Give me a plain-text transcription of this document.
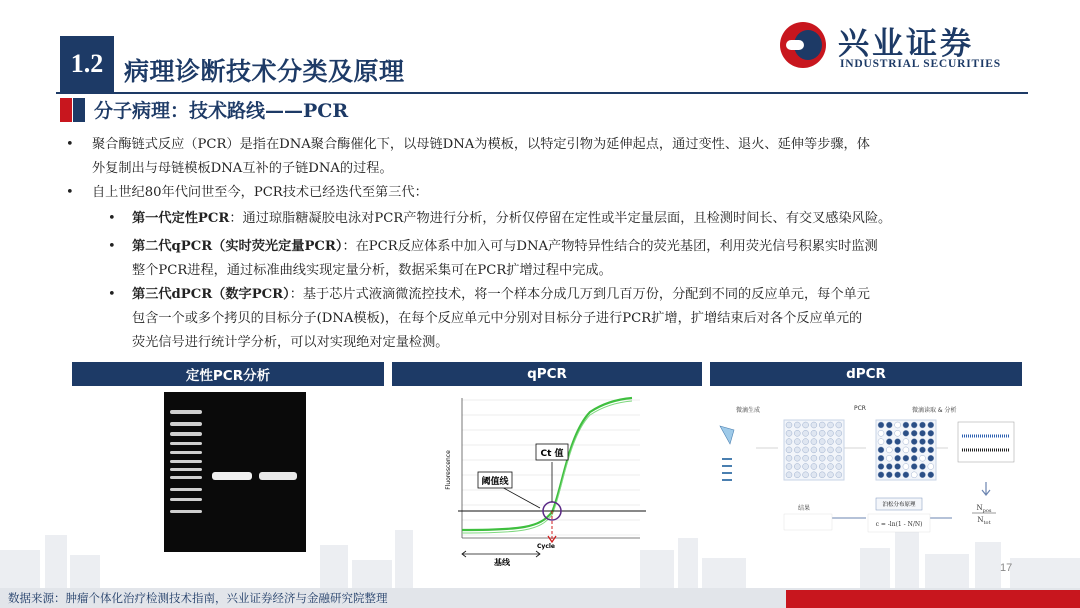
1.2 病理诊断技术分类及原理
兴业证券
INDUSTRIAL SECURITIES
分子病理：技术路线——PCR
• 聚合酶链式反应（PCR）是指在DNA聚合酶催化下，以母链DNA为模板，以特定引物为延伸起点，通过变性、退火、延伸等步骤，体
外复制出与母链模板DNA互补的子链DNA的过程。
• 自上世纪80年代问世至今，PCR技术已经迭代至第三代：
• 第一代定性PCR：通过琼脂糖凝胶电泳对PCR产物进行分析，分析仅停留在定性或半定量层面，且检测时间长、有交叉感染风险。
• 第二代qPCR（实时荧光定量PCR）：在PCR反应体系中加入可与DNA产物特异性结合的荧光基团，利用荧光信号积累实时监测
整个PCR进程，通过标准曲线实现定量分析，数据采集可在PCR扩增过程中完成。
• 第三代dPCR（数字PCR）：基于芯片式液滴微流控技术，将一个样本分成几万到几百万份，分配到不同的反应单元，每个单元
包含一个或多个拷贝的目标分子(DNA模板)，在每个反应单元中分别对目标分子进行PCR扩增，扩增结束后对各个反应单元的
荧光信号进行统计学分析，可以对实现绝对定量检测。
定性PCR分析	qPCR	dPCR
Ct 值
阈值线
Fluorescence
Cycle
基线
微滴生成	PCR	微滴读取 & 分析
泊松分布原理
结果
c = -ln(1 - N/N)
$N_{pos}$
$N_{tot}$
17
数据来源：肿瘤个体化治疗检测技术指南，兴业证券经济与金融研究院整理
